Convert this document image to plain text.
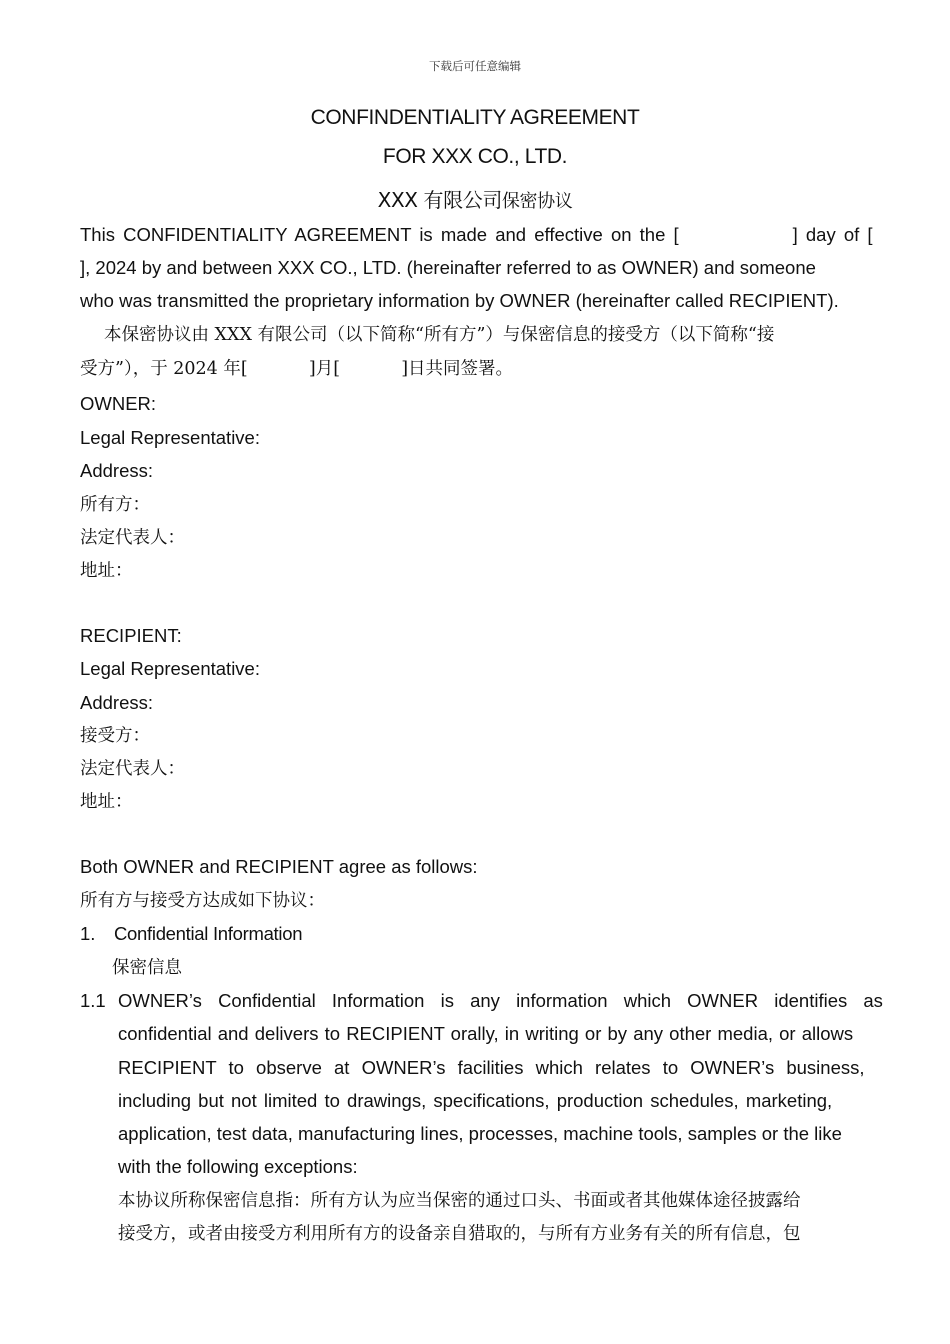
下载后可任意编辑
CONFINDENTIALITY AGREEMENT
FOR XXX CO., LTD.
XXX 有限公司保密协议
This CONFIDENTIALITY AGREEMENT is made and effective on the [              ] day of [
], 2024 by and between XXX CO., LTD. (hereinafter referred to as OWNER) and someone
who was transmitted the proprietary information by OWNER (hereinafter called RECIPIENT).
本保密协议由 XXX 有限公司（以下简称“所有方”）与保密信息的接受方（以下简称“接
受方”），于 2024 年[           ]月[           ]日共同签署。
OWNER:
Legal Representative:
Address:
所有方：
法定代表人：
地址：
RECIPIENT:
Legal Representative:
Address:
接受方：
法定代表人：
地址：
Both OWNER and RECIPIENT agree as follows:
所有方与接受方达成如下协议：
1. Confidential Information
保密信息
1.1 OWNER’s Confidential Information is any information which OWNER identifies as
confidential and delivers to RECIPIENT orally, in writing or by any other media, or allows
RECIPIENT to observe at OWNER’s facilities which relates to OWNER’s business,
including but not limited to drawings, specifications, production schedules, marketing,
application, test data, manufacturing lines, processes, machine tools, samples or the like
with the following exceptions:
本协议所称保密信息指：所有方认为应当保密的通过口头、书面或者其他媒体途径披露给
接受方，或者由接受方利用所有方的设备亲自猎取的，与所有方业务有关的所有信息，包
